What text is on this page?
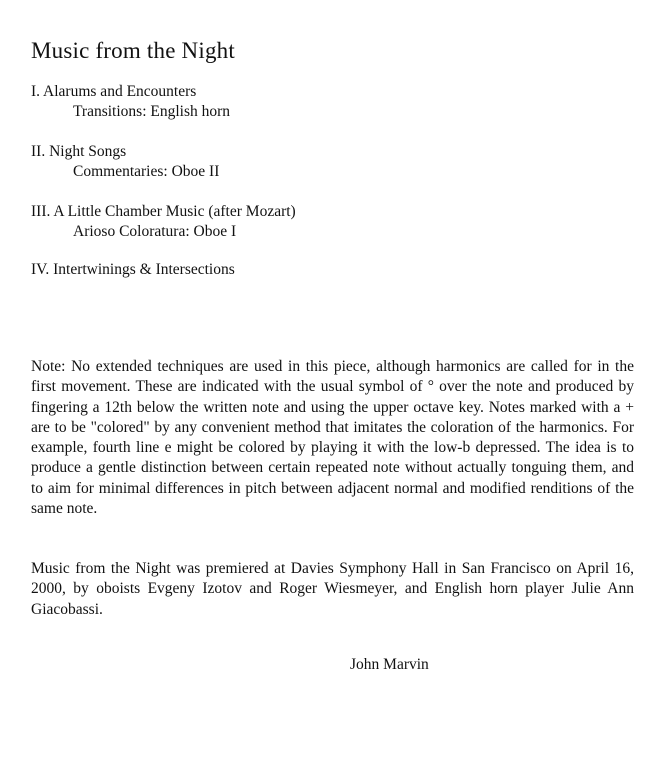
Music from the Night
I. Alarums and Encounters
Transitions: English horn
II. Night Songs
Commentaries: Oboe II
III. A Little Chamber Music (after Mozart)
Arioso Coloratura: Oboe I
IV. Intertwinings & Intersections

Note: No extended techniques are used in this piece, although harmonics are called for in the first movement. These are indicated with the usual symbol of ° over the note and produced by fingering a 12th below the written note and using the upper octave key. Notes marked with a + are to be "colored" by any convenient method that imitates the coloration of the harmonics. For example, fourth line e might be colored by playing it with the low-b depressed. The idea is to produce a gentle distinction between certain repeated note without actually tonguing them, and to aim for minimal differences in pitch between adjacent normal and modified renditions of the same note.

Music from the Night was premiered at Davies Symphony Hall in San Francisco on April 16, 2000, by oboists Evgeny Izotov and Roger Wiesmeyer, and English horn player Julie Ann Giacobassi.

John Marvin
